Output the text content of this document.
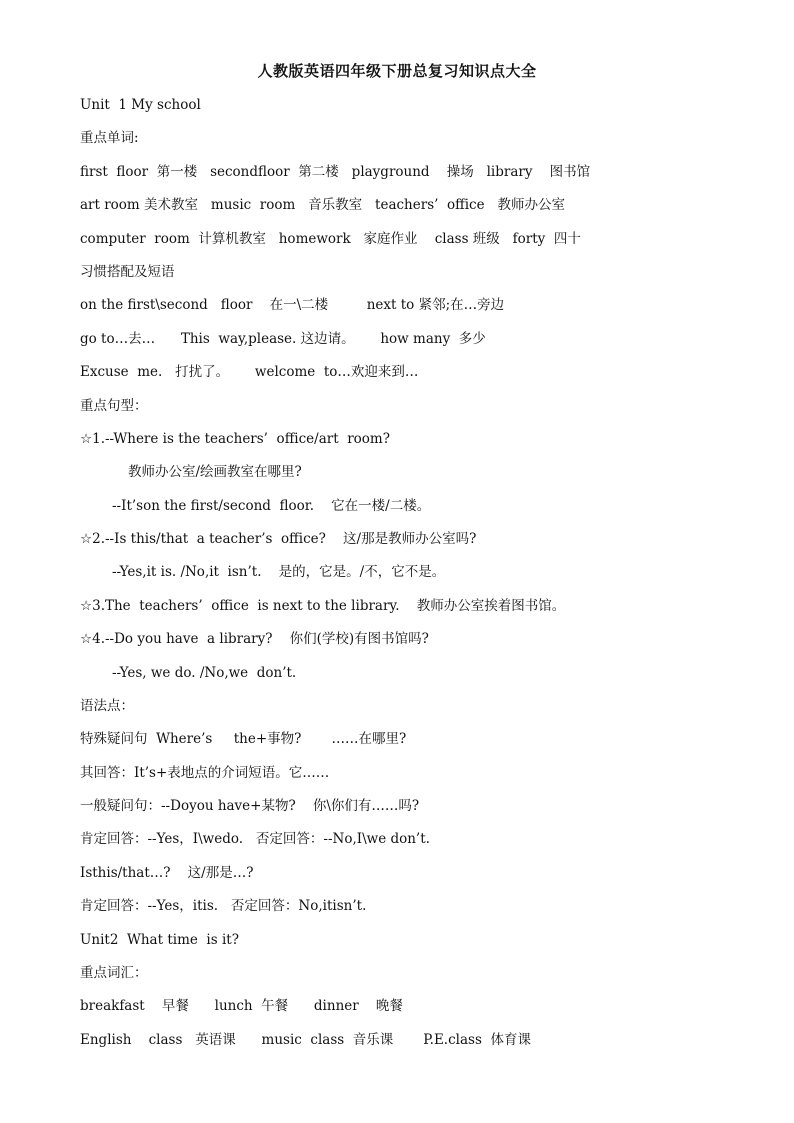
人教版英语四年级下册总复习知识点大全
Unit  1 My school
重点单词:
first  floor  第一楼   secondfloor  第二楼   playground    操场   library    图书馆
art room 美术教室   music  room   音乐教室   teachers’  office   教师办公室
computer  room  计算机教室   homework   家庭作业    class 班级   forty  四十
习惯搭配及短语
on the first\second   floor    在一\二楼         next to 紧邻;在…旁边
go to…去…      This  way,please. 这边请。      how many  多少
Excuse  me.   打扰了。      welcome  to…欢迎来到…
重点句型：
☆1.--Where is the teachers’  office/art  room?
教师办公室/绘画教室在哪里?
--It’son the first/second  floor.    它在一楼/二楼。
☆2.--Is this/that  a teacher’s  office?    这/那是教师办公室吗?
--Yes,it is. /No,it  isn’t.    是的，它是。/不，它不是。
☆3.The  teachers’  office  is next to the library.    教师办公室挨着图书馆。
☆4.--Do you have  a library?    你们(学校)有图书馆吗?
--Yes, we do. /No,we  don’t.
语法点：
特殊疑问句  Where’s     the+事物?       ……在哪里?
其回答：It’s+表地点的介词短语。它……
一般疑问句：--Doyou have+某物?    你\你们有……吗?
肯定回答：--Yes，I\wedo.   否定回答：--No,I\we don’t.
Isthis/that…?    这/那是…?
肯定回答：--Yes，itis.   否定回答：No,itisn’t.
Unit2  What time  is it?
重点词汇：
breakfast    早餐      lunch  午餐      dinner    晚餐
English    class   英语课      music  class  音乐课       P.E.class  体育课
